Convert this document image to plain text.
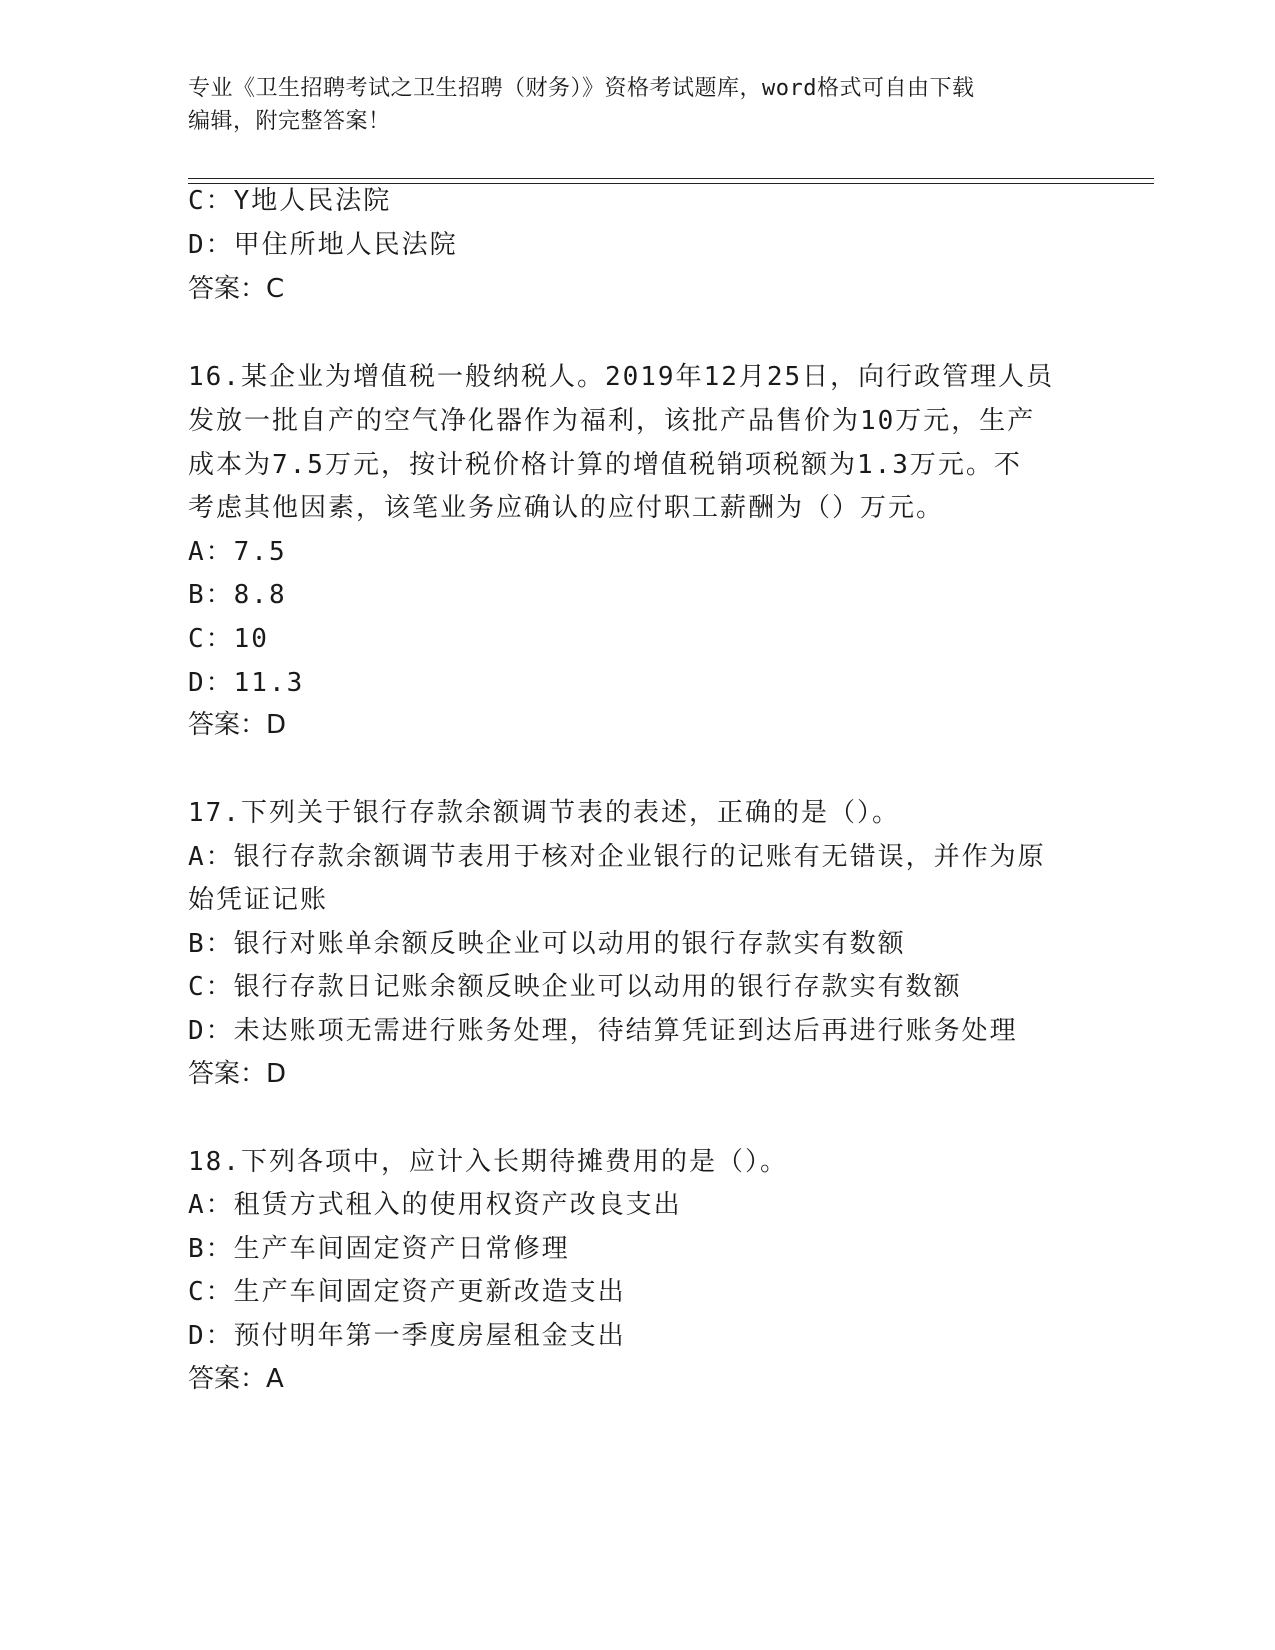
专业《卫生招聘考试之卫生招聘（财务）》资格考试题库，word格式可自由下载
编辑，附完整答案！
C：Y地人民法院
D：甲住所地人民法院
答案：C
16.某企业为增值税一般纳税人。2019年12月25日，向行政管理人员
发放一批自产的空气净化器作为福利，该批产品售价为10万元，生产
成本为7.5万元，按计税价格计算的增值税销项税额为1.3万元。不
考虑其他因素，该笔业务应确认的应付职工薪酬为（）万元。
A：7.5
B：8.8
C：10
D：11.3
答案：D
17.下列关于银行存款余额调节表的表述，正确的是（）。
A：银行存款余额调节表用于核对企业银行的记账有无错误，并作为原
始凭证记账
B：银行对账单余额反映企业可以动用的银行存款实有数额
C：银行存款日记账余额反映企业可以动用的银行存款实有数额
D：未达账项无需进行账务处理，待结算凭证到达后再进行账务处理
答案：D
18.下列各项中，应计入长期待摊费用的是（）。
A：租赁方式租入的使用权资产改良支出
B：生产车间固定资产日常修理
C：生产车间固定资产更新改造支出
D：预付明年第一季度房屋租金支出
答案：A
